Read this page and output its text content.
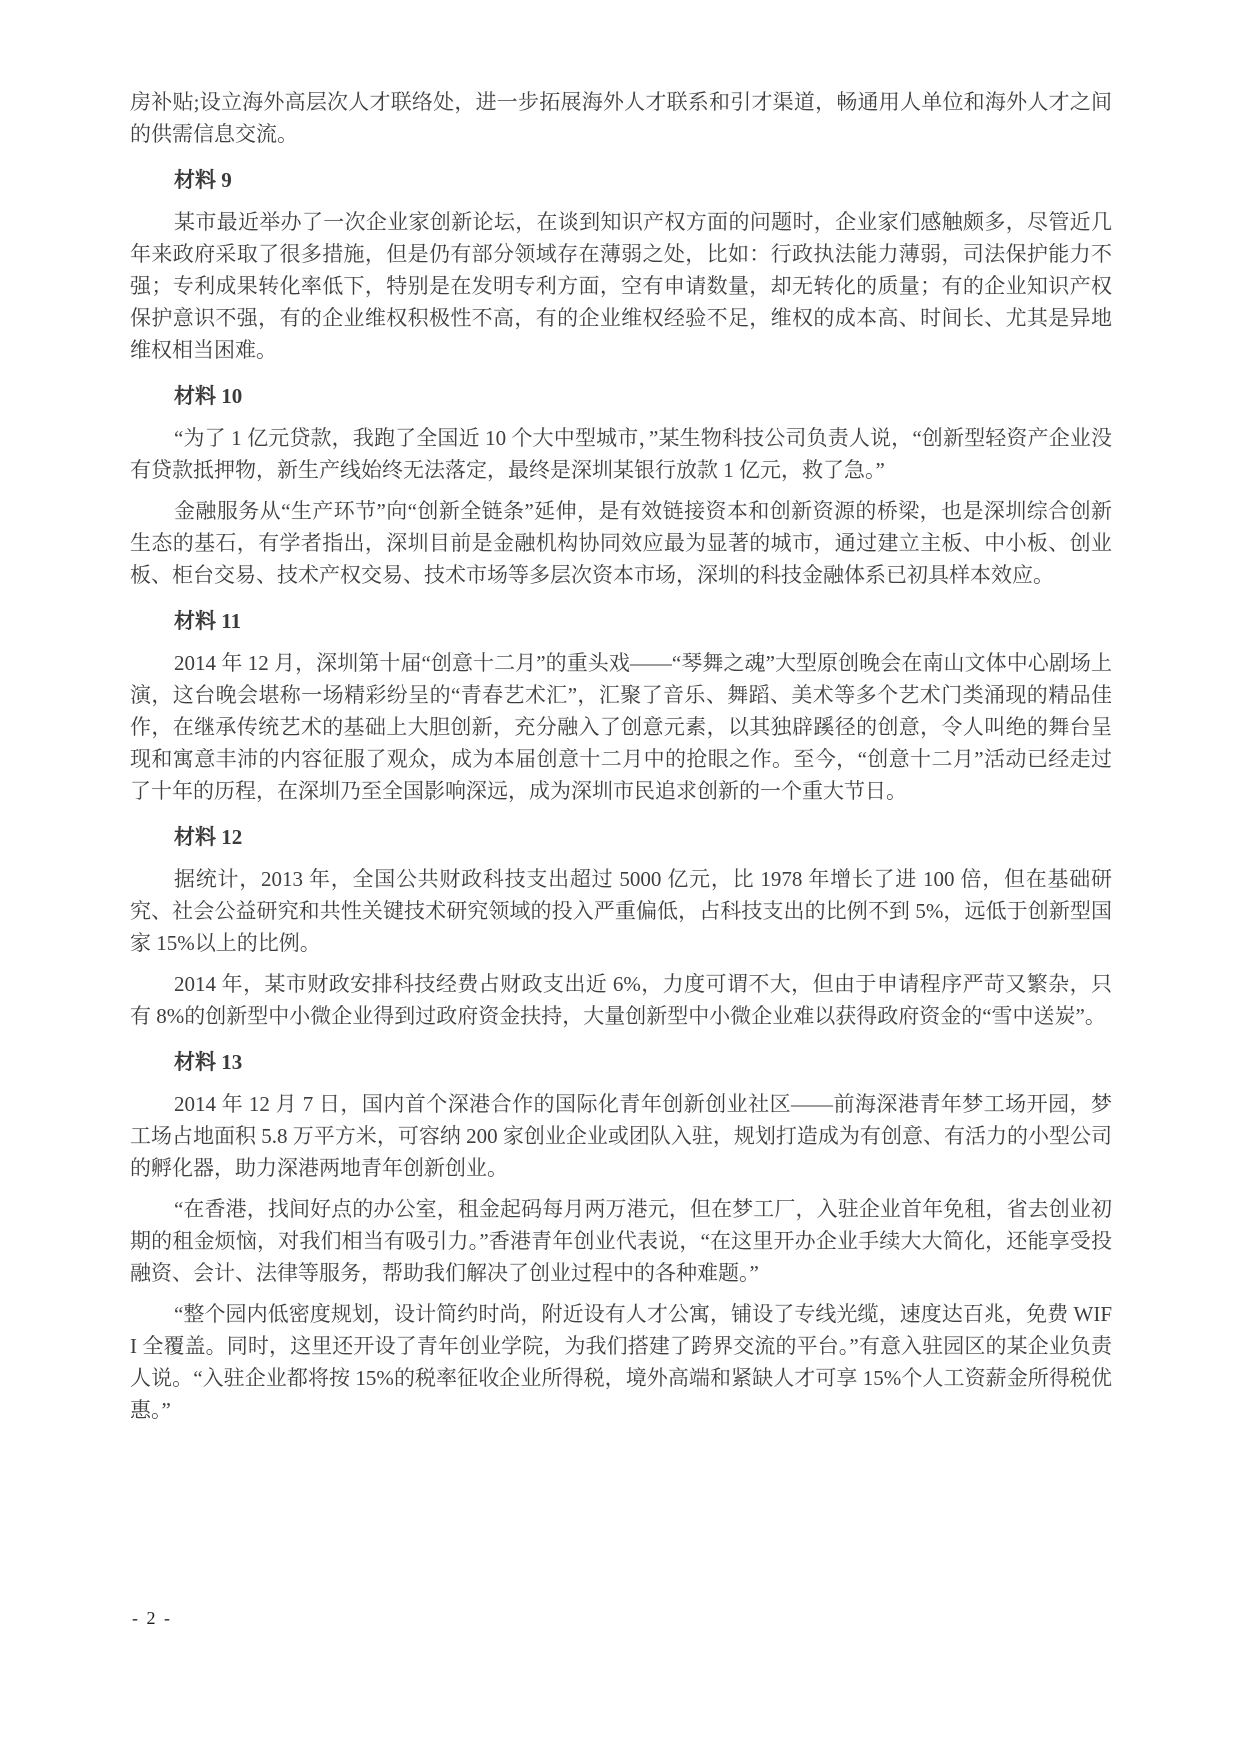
房补贴;设立海外高层次人才联络处，进一步拓展海外人才联系和引才渠道，畅通用人单位和海外人才之间的供需信息交流。

材料 9

某市最近举办了一次企业家创新论坛，在谈到知识产权方面的问题时，企业家们感触颇多，尽管近几年来政府采取了很多措施，但是仍有部分领域存在薄弱之处，比如：行政执法能力薄弱，司法保护能力不强；专利成果转化率低下，特别是在发明专利方面，空有申请数量，却无转化的质量；有的企业知识产权保护意识不强，有的企业维权积极性不高，有的企业维权经验不足，维权的成本高、时间长、尤其是异地维权相当困难。

材料 10

“为了 1 亿元贷款，我跑了全国近 10 个大中型城市，”某生物科技公司负责人说，“创新型轻资产企业没有贷款抵押物，新生产线始终无法落定，最终是深圳某银行放款 1 亿元，救了急。”

金融服务从“生产环节”向“创新全链条”延伸，是有效链接资本和创新资源的桥梁，也是深圳综合创新生态的基石，有学者指出，深圳目前是金融机构协同效应最为显著的城市，通过建立主板、中小板、创业板、柜台交易、技术产权交易、技术市场等多层次资本市场，深圳的科技金融体系已初具样本效应。

材料 11

2014 年 12 月，深圳第十届“创意十二月”的重头戏——“琴舞之魂”大型原创晚会在南山文体中心剧场上演，这台晚会堪称一场精彩纷呈的“青春艺术汇”，汇聚了音乐、舞蹈、美术等多个艺术门类涌现的精品佳作，在继承传统艺术的基础上大胆创新，充分融入了创意元素，以其独辟蹊径的创意，令人叫绝的舞台呈现和寓意丰沛的内容征服了观众，成为本届创意十二月中的抢眼之作。至今，“创意十二月”活动已经走过了十年的历程，在深圳乃至全国影响深远，成为深圳市民追求创新的一个重大节日。

材料 12

据统计，2013 年，全国公共财政科技支出超过 5000 亿元，比 1978 年增长了进 100 倍，但在基础研究、社会公益研究和共性关键技术研究领域的投入严重偏低，占科技支出的比例不到 5%，远低于创新型国家 15%以上的比例。

2014 年，某市财政安排科技经费占财政支出近 6%，力度可谓不大，但由于申请程序严苛又繁杂，只有 8%的创新型中小微企业得到过政府资金扶持，大量创新型中小微企业难以获得政府资金的“雪中送炭”。

材料 13

2014 年 12 月 7 日，国内首个深港合作的国际化青年创新创业社区——前海深港青年梦工场开园，梦工场占地面积 5.8 万平方米，可容纳 200 家创业企业或团队入驻，规划打造成为有创意、有活力的小型公司的孵化器，助力深港两地青年创新创业。

“在香港，找间好点的办公室，租金起码每月两万港元，但在梦工厂，入驻企业首年免租，省去创业初期的租金烦恼，对我们相当有吸引力。”香港青年创业代表说，“在这里开办企业手续大大简化，还能享受投融资、会计、法律等服务，帮助我们解决了创业过程中的各种难题。”

“整个园内低密度规划，设计简约时尚，附近设有人才公寓，铺设了专线光缆，速度达百兆，免费 WIFI 全覆盖。同时，这里还开设了青年创业学院，为我们搭建了跨界交流的平台。”有意入驻园区的某企业负责人说。“入驻企业都将按 15%的税率征收企业所得税，境外高端和紧缺人才可享 15%个人工资薪金所得税优惠。”

- 2 -
